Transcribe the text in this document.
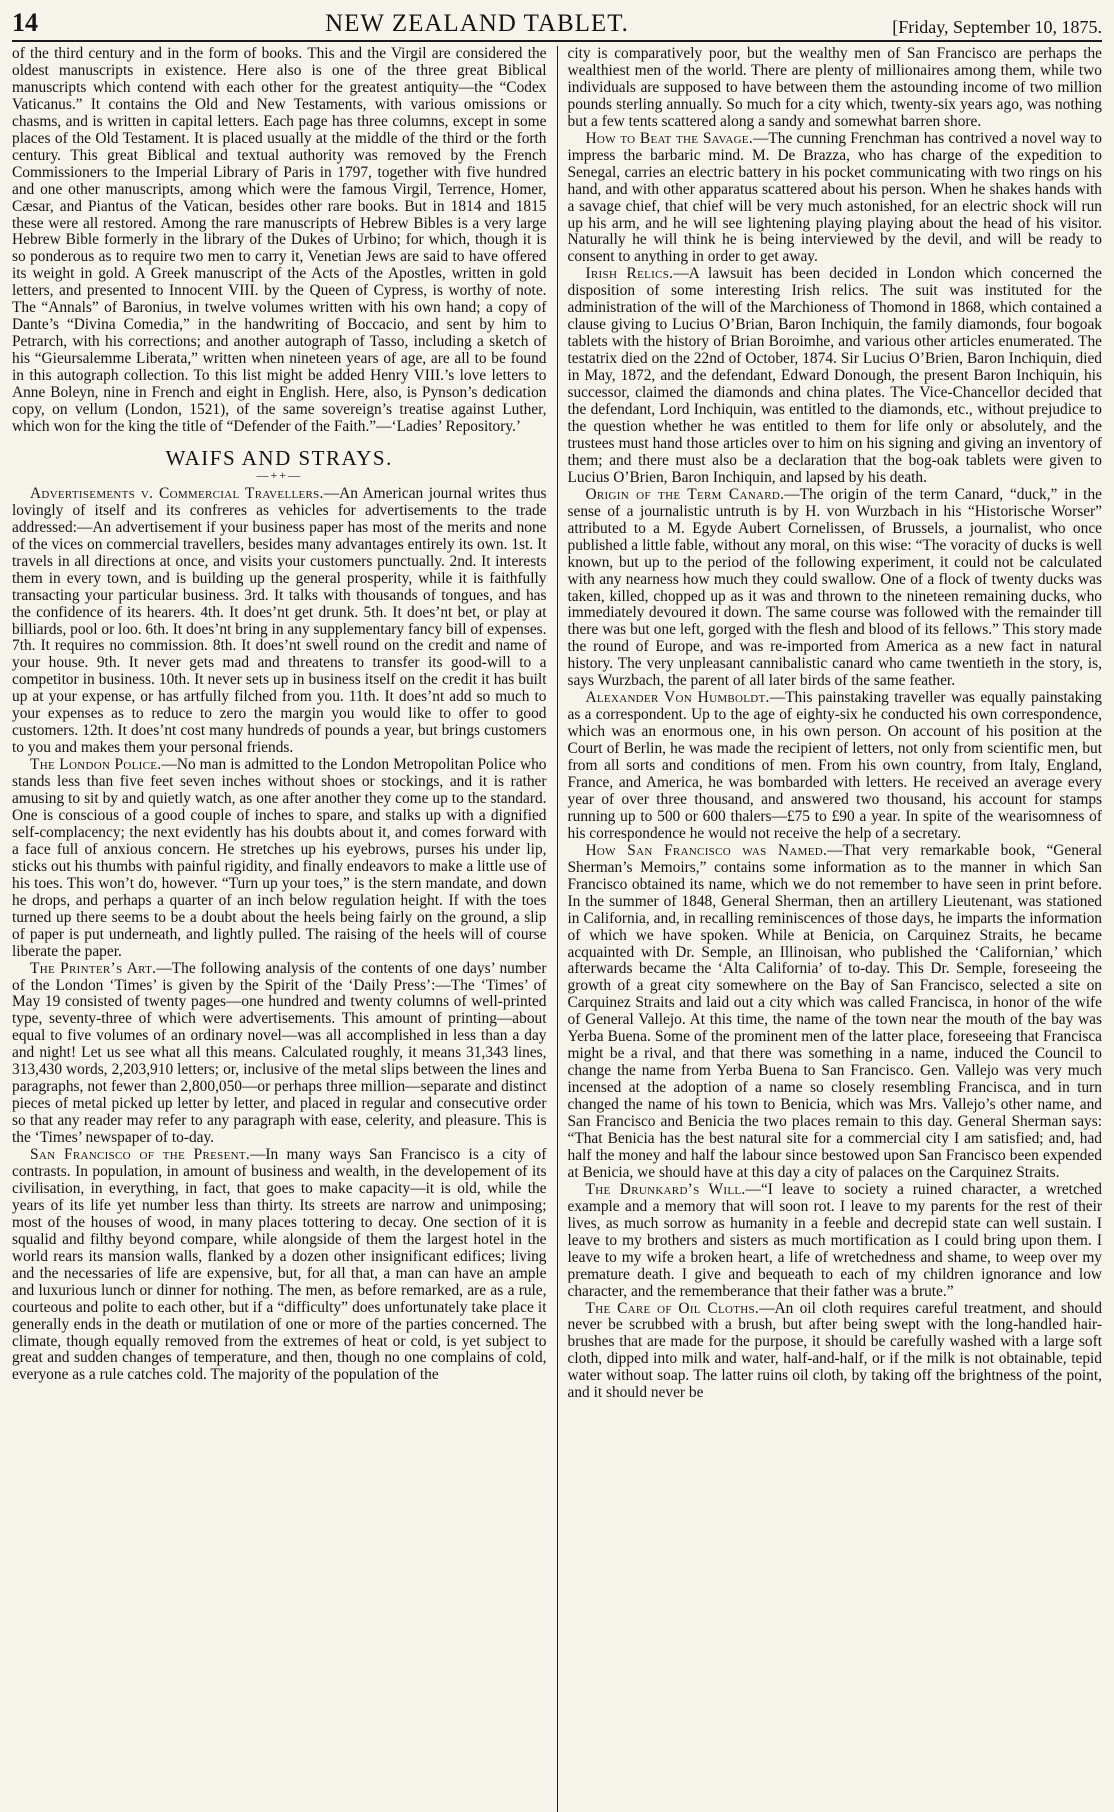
14	NEW ZEALAND TABLET.	[Friday, September 10, 1875.

of the third century and in the form of books. This and the Virgil are considered the oldest manuscripts in existence. Here also is one of the three great Biblical manuscripts which contend with each other for the greatest antiquity—the “Codex Vaticanus.” It contains the Old and New Testaments, with various omissions or chasms, and is written in capital letters. Each page has three columns, except in some places of the Old Testament. It is placed usually at the middle of the third or the forth century. This great Biblical and textual authority was removed by the French Commissioners to the Imperial Library of Paris in 1797, together with five hundred and one other manuscripts, among which were the famous Virgil, Terrence, Homer, Cæsar, and Piantus of the Vatican, besides other rare books. But in 1814 and 1815 these were all restored. Among the rare manuscripts of Hebrew Bibles is a very large Hebrew Bible formerly in the library of the Dukes of Urbino; for which, though it is so ponderous as to require two men to carry it, Venetian Jews are said to have offered its weight in gold. A Greek manuscript of the Acts of the Apostles, written in gold letters, and presented to Innocent VIII. by the Queen of Cypress, is worthy of note. The “Annals” of Baronius, in twelve volumes written with his own hand; a copy of Dante’s “Divina Comedia,” in the handwriting of Boccacio, and sent by him to Petrarch, with his corrections; and another autograph of Tasso, including a sketch of his “Gieursalemme Liberata,” written when nineteen years of age, are all to be found in this autograph collection. To this list might be added Henry VIII.’s love letters to Anne Boleyn, nine in French and eight in English. Here, also, is Pynson’s dedication copy, on vellum (London, 1521), of the same sovereign’s treatise against Luther, which won for the king the title of “Defender of the Faith.”—‘Ladies’ Repository.’

WAIFS AND STRAYS.
—++—

Advertisements v. Commercial Travellers.—An American journal writes thus lovingly of itself and its confreres as vehicles for advertisements to the trade addressed:—An advertisement if your business paper has most of the merits and none of the vices on commercial travellers, besides many advantages entirely its own. 1st. It travels in all directions at once, and visits your customers punctually. 2nd. It interests them in every town, and is building up the general prosperity, while it is faithfully transacting your particular business. 3rd. It talks with thousands of tongues, and has the confidence of its hearers. 4th. It does’nt get drunk. 5th. It does’nt bet, or play at billiards, pool or loo. 6th. It does’nt bring in any supplementary fancy bill of expenses. 7th. It requires no commission. 8th. It does’nt swell round on the credit and name of your house. 9th. It never gets mad and threatens to transfer its good-will to a competitor in business. 10th. It never sets up in business itself on the credit it has built up at your expense, or has artfully filched from you. 11th. It does’nt add so much to your expenses as to reduce to zero the margin you would like to offer to good customers. 12th. It does’nt cost many hundreds of pounds a year, but brings customers to you and makes them your personal friends.

The London Police.—No man is admitted to the London Metropolitan Police who stands less than five feet seven inches without shoes or stockings, and it is rather amusing to sit by and quietly watch, as one after another they come up to the standard. One is conscious of a good couple of inches to spare, and stalks up with a dignified self-complacency; the next evidently has his doubts about it, and comes forward with a face full of anxious concern. He stretches up his eyebrows, purses his under lip, sticks out his thumbs with painful rigidity, and finally endeavors to make a little use of his toes. This won’t do, however. “Turn up your toes,” is the stern mandate, and down he drops, and perhaps a quarter of an inch below regulation height. If with the toes turned up there seems to be a doubt about the heels being fairly on the ground, a slip of paper is put underneath, and lightly pulled. The raising of the heels will of course liberate the paper.

The Printer’s Art.—The following analysis of the contents of one days’ number of the London ‘Times’ is given by the Spirit of the ‘Daily Press’:—The ‘Times’ of May 19 consisted of twenty pages—one hundred and twenty columns of well-printed type, seventy-three of which were advertisements. This amount of printing—about equal to five volumes of an ordinary novel—was all accomplished in less than a day and night! Let us see what all this means. Calculated roughly, it means 31,343 lines, 313,430 words, 2,203,910 letters; or, inclusive of the metal slips between the lines and paragraphs, not fewer than 2,800,050—or perhaps three million—separate and distinct pieces of metal picked up letter by letter, and placed in regular and consecutive order so that any reader may refer to any paragraph with ease, celerity, and pleasure. This is the ‘Times’ newspaper of to-day.

San Francisco of the Present.—In many ways San Francisco is a city of contrasts. In population, in amount of business and wealth, in the developement of its civilisation, in everything, in fact, that goes to make capacity—it is old, while the years of its life yet number less than thirty. Its streets are narrow and unimposing; most of the houses of wood, in many places tottering to decay. One section of it is squalid and filthy beyond compare, while alongside of them the largest hotel in the world rears its mansion walls, flanked by a dozen other insignificant edifices; living and the necessaries of life are expensive, but, for all that, a man can have an ample and luxurious lunch or dinner for nothing. The men, as before remarked, are as a rule, courteous and polite to each other, but if a “difficulty” does unfortunately take place it generally ends in the death or mutilation of one or more of the parties concerned. The climate, though equally removed from the extremes of heat or cold, is yet subject to great and sudden changes of temperature, and then, though no one complains of cold, everyone as a rule catches cold. The majority of the population of the

city is comparatively poor, but the wealthy men of San Francisco are perhaps the wealthiest men of the world. There are plenty of millionaires among them, while two individuals are supposed to have between them the astounding income of two million pounds sterling annually. So much for a city which, twenty-six years ago, was nothing but a few tents scattered along a sandy and somewhat barren shore.

How to Beat the Savage.—The cunning Frenchman has contrived a novel way to impress the barbaric mind. M. De Brazza, who has charge of the expedition to Senegal, carries an electric battery in his pocket communicating with two rings on his hand, and with other apparatus scattered about his person. When he shakes hands with a savage chief, that chief will be very much astonished, for an electric shock will run up his arm, and he will see lightening playing playing about the head of his visitor. Naturally he will think he is being interviewed by the devil, and will be ready to consent to anything in order to get away.

Irish Relics.—A lawsuit has been decided in London which concerned the disposition of some interesting Irish relics. The suit was instituted for the administration of the will of the Marchioness of Thomond in 1868, which contained a clause giving to Lucius O’Brian, Baron Inchiquin, the family diamonds, four bogoak tablets with the history of Brian Boroimhe, and various other articles enumerated. The testatrix died on the 22nd of October, 1874. Sir Lucius O’Brien, Baron Inchiquin, died in May, 1872, and the defendant, Edward Donough, the present Baron Inchiquin, his successor, claimed the diamonds and china plates. The Vice-Chancellor decided that the defendant, Lord Inchiquin, was entitled to the diamonds, etc., without prejudice to the question whether he was entitled to them for life only or absolutely, and the trustees must hand those articles over to him on his signing and giving an inventory of them; and there must also be a declaration that the bog-oak tablets were given to Lucius O’Brien, Baron Inchiquin, and lapsed by his death.

Origin of the Term Canard.—The origin of the term Canard, “duck,” in the sense of a journalistic untruth is by H. von Wurzbach in his “Historische Worser” attributed to a M. Egyde Aubert Cornelissen, of Brussels, a journalist, who once published a little fable, without any moral, on this wise: “The voracity of ducks is well known, but up to the period of the following experiment, it could not be calculated with any nearness how much they could swallow. One of a flock of twenty ducks was taken, killed, chopped up as it was and thrown to the nineteen remaining ducks, who immediately devoured it down. The same course was followed with the remainder till there was but one left, gorged with the flesh and blood of its fellows.” This story made the round of Europe, and was re-imported from America as a new fact in natural history. The very unpleasant cannibalistic canard who came twentieth in the story, is, says Wurzbach, the parent of all later birds of the same feather.

Alexander Von Humboldt.—This painstaking traveller was equally painstaking as a correspondent. Up to the age of eighty-six he conducted his own correspondence, which was an enormous one, in his own person. On account of his position at the Court of Berlin, he was made the recipient of letters, not only from scientific men, but from all sorts and conditions of men. From his own country, from Italy, England, France, and America, he was bombarded with letters. He received an average every year of over three thousand, and answered two thousand, his account for stamps running up to 500 or 600 thalers—£75 to £90 a year. In spite of the wearisomness of his correspondence he would not receive the help of a secretary.

How San Francisco was Named.—That very remarkable book, “General Sherman’s Memoirs,” contains some information as to the manner in which San Francisco obtained its name, which we do not remember to have seen in print before. In the summer of 1848, General Sherman, then an artillery Lieutenant, was stationed in California, and, in recalling reminiscences of those days, he imparts the information of which we have spoken. While at Benicia, on Carquinez Straits, he became acquainted with Dr. Semple, an Illinoisan, who published the ‘Californian,’ which afterwards became the ‘Alta California’ of to-day. This Dr. Semple, foreseeing the growth of a great city somewhere on the Bay of San Francisco, selected a site on Carquinez Straits and laid out a city which was called Francisca, in honor of the wife of General Vallejo. At this time, the name of the town near the mouth of the bay was Yerba Buena. Some of the prominent men of the latter place, foreseeing that Francisca might be a rival, and that there was something in a name, induced the Council to change the name from Yerba Buena to San Francisco. Gen. Vallejo was very much incensed at the adoption of a name so closely resembling Francisca, and in turn changed the name of his town to Benicia, which was Mrs. Vallejo’s other name, and San Francisco and Benicia the two places remain to this day. General Sherman says: “That Benicia has the best natural site for a commercial city I am satisfied; and, had half the money and half the labour since bestowed upon San Francisco been expended at Benicia, we should have at this day a city of palaces on the Carquinez Straits.

The Drunkard’s Will.—“I leave to society a ruined character, a wretched example and a memory that will soon rot. I leave to my parents for the rest of their lives, as much sorrow as humanity in a feeble and decrepid state can well sustain. I leave to my brothers and sisters as much mortification as I could bring upon them. I leave to my wife a broken heart, a life of wretchedness and shame, to weep over my premature death. I give and bequeath to each of my children ignorance and low character, and the rememberance that their father was a brute.”

The Care of Oil Cloths.—An oil cloth requires careful treatment, and should never be scrubbed with a brush, but after being swept with the long-handled hair-brushes that are made for the purpose, it should be carefully washed with a large soft cloth, dipped into milk and water, half-and-half, or if the milk is not obtainable, tepid water without soap. The latter ruins oil cloth, by taking off the brightness of the point, and it should never be
